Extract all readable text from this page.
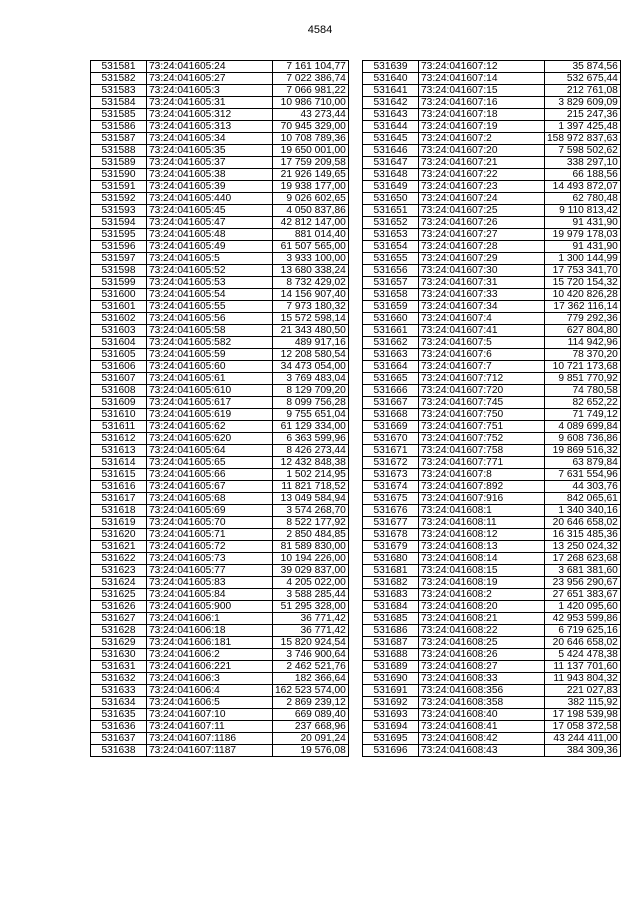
4584
531581	73:24:041605:24	7 161 104,77
531582	73:24:041605:27	7 022 386,74
531583	73:24:041605:3	7 066 981,22
531584	73:24:041605:31	10 986 710,00
531585	73:24:041605:312	43 273,44
531586	73:24:041605:313	70 945 329,00
531587	73:24:041605:34	10 708 789,36
531588	73:24:041605:35	19 650 001,00
531589	73:24:041605:37	17 759 209,58
531590	73:24:041605:38	21 926 149,65
531591	73:24:041605:39	19 938 177,00
531592	73:24:041605:440	9 026 602,65
531593	73:24:041605:45	4 050 837,86
531594	73:24:041605:47	42 812 147,00
531595	73:24:041605:48	881 014,40
531596	73:24:041605:49	61 507 565,00
531597	73:24:041605:5	3 933 100,00
531598	73:24:041605:52	13 680 338,24
531599	73:24:041605:53	8 732 429,02
531600	73:24:041605:54	14 156 907,40
531601	73:24:041605:55	7 973 180,32
531602	73:24:041605:56	15 572 598,14
531603	73:24:041605:58	21 343 480,50
531604	73:24:041605:582	489 917,16
531605	73:24:041605:59	12 208 580,54
531606	73:24:041605:60	34 473 054,00
531607	73:24:041605:61	3 769 483,04
531608	73:24:041605:610	8 129 709,20
531609	73:24:041605:617	8 099 756,28
531610	73:24:041605:619	9 755 651,04
531611	73:24:041605:62	61 129 334,00
531612	73:24:041605:620	6 363 599,96
531613	73:24:041605:64	8 426 273,44
531614	73:24:041605:65	12 432 848,38
531615	73:24:041605:66	1 502 214,95
531616	73:24:041605:67	11 821 718,52
531617	73:24:041605:68	13 049 584,94
531618	73:24:041605:69	3 574 268,70
531619	73:24:041605:70	8 522 177,92
531620	73:24:041605:71	2 850 484,85
531621	73:24:041605:72	81 589 830,00
531622	73:24:041605:73	10 194 226,00
531623	73:24:041605:77	39 029 837,00
531624	73:24:041605:83	4 205 022,00
531625	73:24:041605:84	3 588 285,44
531626	73:24:041605:900	51 295 328,00
531627	73:24:041606:1	36 771,42
531628	73:24:041606:18	36 771,42
531629	73:24:041606:181	15 820 924,54
531630	73:24:041606:2	3 746 900,64
531631	73:24:041606:221	2 462 521,76
531632	73:24:041606:3	182 366,64
531633	73:24:041606:4	162 523 574,00
531634	73:24:041606:5	2 869 239,12
531635	73:24:041607:10	669 089,40
531636	73:24:041607:11	237 668,96
531637	73:24:041607:1186	20 091,24
531638	73:24:041607:1187	19 576,08
531639	73:24:041607:12	35 874,56
531640	73:24:041607:14	532 675,44
531641	73:24:041607:15	212 761,08
531642	73:24:041607:16	3 829 609,09
531643	73:24:041607:18	215 247,36
531644	73:24:041607:19	1 397 425,48
531645	73:24:041607:2	158 972 837,63
531646	73:24:041607:20	7 598 502,62
531647	73:24:041607:21	338 297,10
531648	73:24:041607:22	66 188,56
531649	73:24:041607:23	14 493 872,07
531650	73:24:041607:24	62 780,48
531651	73:24:041607:25	9 110 813,42
531652	73:24:041607:26	91 431,90
531653	73:24:041607:27	19 979 178,03
531654	73:24:041607:28	91 431,90
531655	73:24:041607:29	1 300 144,99
531656	73:24:041607:30	17 753 341,70
531657	73:24:041607:31	15 720 154,32
531658	73:24:041607:33	10 420 826,28
531659	73:24:041607:34	17 362 116,14
531660	73:24:041607:4	779 292,36
531661	73:24:041607:41	627 804,80
531662	73:24:041607:5	114 942,96
531663	73:24:041607:6	78 370,20
531664	73:24:041607:7	10 721 173,68
531665	73:24:041607:712	9 851 770,92
531666	73:24:041607:720	74 780,58
531667	73:24:041607:745	82 652,22
531668	73:24:041607:750	71 749,12
531669	73:24:041607:751	4 089 699,84
531670	73:24:041607:752	9 608 736,86
531671	73:24:041607:758	19 869 516,32
531672	73:24:041607:771	63 879,84
531673	73:24:041607:8	7 631 554,96
531674	73:24:041607:892	44 303,76
531675	73:24:041607:916	842 065,61
531676	73:24:041608:1	1 340 340,16
531677	73:24:041608:11	20 646 658,02
531678	73:24:041608:12	16 315 485,36
531679	73:24:041608:13	13 250 024,32
531680	73:24:041608:14	17 268 623,68
531681	73:24:041608:15	3 681 381,60
531682	73:24:041608:19	23 956 290,67
531683	73:24:041608:2	27 651 383,67
531684	73:24:041608:20	1 420 095,60
531685	73:24:041608:21	42 953 599,86
531686	73:24:041608:22	6 719 625,16
531687	73:24:041608:25	20 646 658,02
531688	73:24:041608:26	5 424 478,38
531689	73:24:041608:27	11 137 701,60
531690	73:24:041608:33	11 943 804,32
531691	73:24:041608:356	221 027,83
531692	73:24:041608:358	382 115,92
531693	73:24:041608:40	17 198 539,98
531694	73:24:041608:41	17 058 372,58
531695	73:24:041608:42	43 244 411,00
531696	73:24:041608:43	384 309,36
